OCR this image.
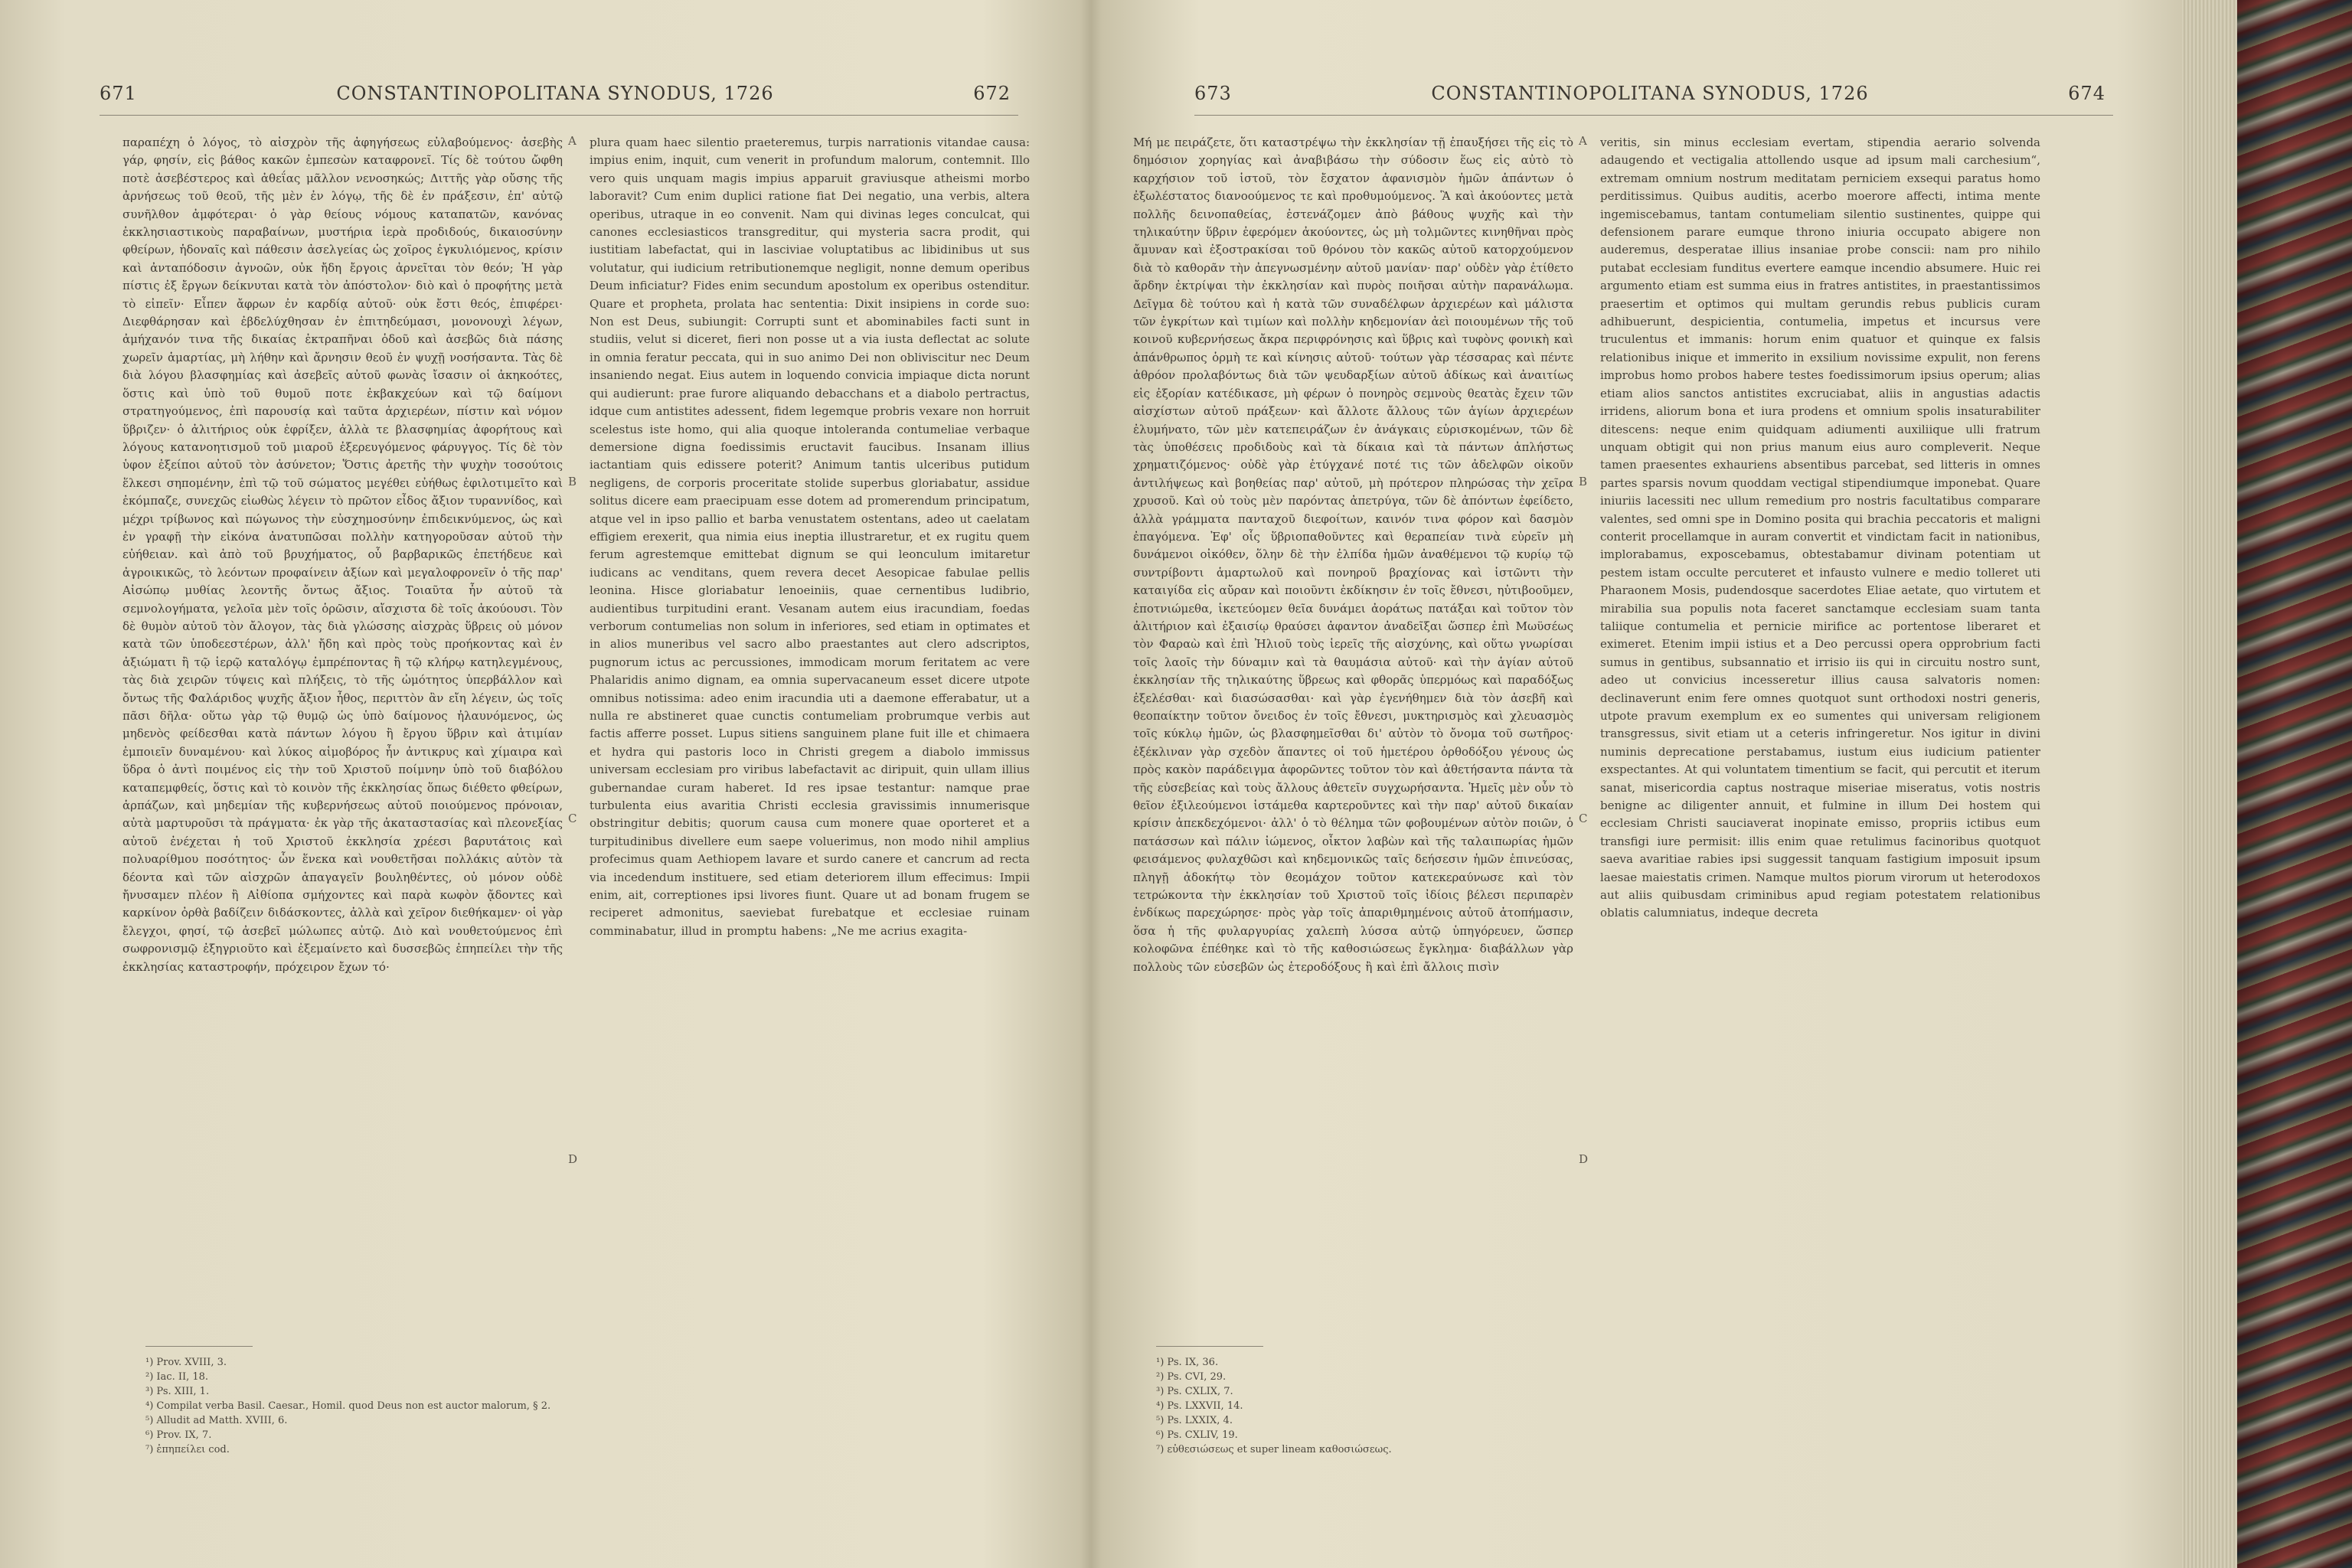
671	CONSTANTINOPOLITANA SYNODUS, 1726	672

παραπέχη ὁ λόγος, τὸ αἰσχρὸν τῆς ἀφηγήσεως εὐλαβούμενος· ἀσεβὴς γάρ, φησίν, εἰς βάθος κακῶν ἐμπεσὼν καταφρονεῖ. Τίς δὲ τούτου ὤφθη ποτὲ ἀσεβέστερος καὶ ἀθεΐας μᾶλλον νενοσηκώς; Διττῆς γὰρ οὔσης τῆς ἀρνήσεως τοῦ θεοῦ, τῆς μὲν ἐν λόγῳ, τῆς δὲ ἐν πράξεσιν, ἐπ' αὐτῷ συνῆλθον ἀμφότεραι· ὁ γὰρ θείους νόμους καταπατῶν, κανόνας ἐκκλησιαστικοὺς παραβαίνων, μυστήρια ἱερὰ προδιδούς, δικαιοσύνην φθείρων, ἡδοναῖς καὶ πάθεσιν ἀσελγείας ὡς χοῖρος ἐγκυλιόμενος, κρίσιν καὶ ἀνταπόδοσιν ἀγνοῶν, οὐκ ἤδη ἔργοις ἀρνεῖται τὸν θεόν; Ἡ γὰρ πίστις ἐξ ἔργων δείκνυται κατὰ τὸν ἀπόστολον· διὸ καὶ ὁ προφήτης μετὰ τὸ εἰπεῖν· Εἶπεν ἄφρων ἐν καρδίᾳ αὐτοῦ· οὐκ ἔστι θεός, ἐπιφέρει· Διεφθάρησαν καὶ ἐβδελύχθησαν ἐν ἐπιτηδεύμασι, μονονουχὶ λέγων, ἀμήχανόν τινα τῆς δικαίας ἐκτραπῆναι ὁδοῦ καὶ ἀσεβῶς διὰ πάσης χωρεῖν ἁμαρτίας, μὴ λήθην καὶ ἄρνησιν θεοῦ ἐν ψυχῇ νοσήσαντα. Τὰς δὲ διὰ λόγου βλασφημίας καὶ ἀσεβεῖς αὐτοῦ φωνὰς ἴσασιν οἱ ἀκηκοότες, ὅστις καὶ ὑπὸ τοῦ θυμοῦ ποτε ἐκβακχεύων καὶ τῷ δαίμονι στρατηγούμενος, ἐπὶ παρουσίᾳ καὶ ταῦτα ἀρχιερέων, πίστιν καὶ νόμον ὕβριζεν· ὁ ἀλιτήριος οὐκ ἐφρίξεν, ἀλλὰ τε βλασφημίας ἀφορήτους καὶ λόγους κατανοητισμοῦ τοῦ μιαροῦ ἐξερευγόμενος φάρυγγος. Τίς δὲ τὸν ὑφον ἐξείποι αὐτοῦ τὸν ἀσύνετον; Ὅστις ἀρετῆς τὴν ψυχὴν τοσούτοις ἕλκεσι σηπομένην, ἐπὶ τῷ τοῦ σώματος μεγέθει εὐήθως ἐφιλοτιμεῖτο καὶ ἐκόμπαζε, συνεχῶς εἰωθὼς λέγειν τὸ πρῶτον εἶδος ἄξιον τυραννίδος, καὶ μέχρι τρίβωνος καὶ πώγωνος τὴν εὐσχημοσύνην ἐπιδεικνύμενος, ὡς καὶ ἐν γραφῇ τὴν εἰκόνα ἀνατυπῶσαι πολλὴν κατηγοροῦσαν αὐτοῦ τὴν εὐήθειαν. καὶ ἀπὸ τοῦ βρυχήματος, οὗ βαρβαρικῶς ἐπετήδευε καὶ ἀγροικικῶς, τὸ λεόντων προφαίνειν ἀξίων καὶ μεγαλοφρονεῖν ὁ τῆς παρ' Αἰσώπῳ μυθίας λεοντῆς ὄντως ἄξιος. Τοιαῦτα ἦν αὐτοῦ τὰ σεμνολογήματα, γελοῖα μὲν τοῖς ὁρῶσιν, αἴσχιστα δὲ τοῖς ἀκούουσι. Τὸν δὲ θυμὸν αὐτοῦ τὸν ἄλογον, τὰς διὰ γλώσσης αἰσχρὰς ὕβρεις οὐ μόνον κατὰ τῶν ὑποδεεστέρων, ἀλλ' ἤδη καὶ πρὸς τοὺς προήκοντας καὶ ἐν ἀξιώματι ἢ τῷ ἱερῷ καταλόγῳ ἐμπρέποντας ἢ τῷ κλήρῳ κατηλεγμένους, τὰς διὰ χειρῶν τύψεις καὶ πλήξεις, τὸ τῆς ὠμότητος ὑπερβάλλον καὶ ὄντως τῆς Φαλάριδος ψυχῆς ἄξιον ἦθος, περιττὸν ἂν εἴη λέγειν, ὡς τοῖς πᾶσι δῆλα· οὕτω γὰρ τῷ θυμῷ ὡς ὑπὸ δαίμονος ἠλαυνόμενος, ὡς μηδενὸς φείδεσθαι κατὰ πάντων λόγου ἢ ἔργου ὕβριν καὶ ἀτιμίαν ἐμποιεῖν δυναμένου· καὶ λύκος αἱμοβόρος ἦν ἀντικρυς καὶ χίμαιρα καὶ ὕδρα ὁ ἀντὶ ποιμένος εἰς τὴν τοῦ Χριστοῦ ποίμνην ὑπὸ τοῦ διαβόλου καταπεμφθείς, ὅστις καὶ τὸ κοινὸν τῆς ἐκκλησίας ὅπως διέθετο φθείρων, ἁρπάζων, καὶ μηδεμίαν τῆς κυβερνήσεως αὐτοῦ ποιούμενος πρόνοιαν, αὐτὰ μαρτυροῦσι τὰ πράγματα· ἐκ γὰρ τῆς ἀκαταστασίας καὶ πλεονεξίας αὐτοῦ ἐνέχεται ἡ τοῦ Χριστοῦ ἐκκλησία χρέεσι βαρυτάτοις καὶ πολυαρίθμου ποσότητος· ὧν ἕνεκα καὶ νουθετῆσαι πολλάκις αὐτὸν τὰ δέοντα καὶ τῶν αἰσχρῶν ἀπαγαγεῖν βουληθέντες, οὐ μόνον οὐδὲ ἤνυσαμεν πλέον ἢ Αἰθίοπα σμήχοντες καὶ παρὰ κωφὸν ᾄδοντες καὶ καρκίνον ὀρθὰ βαδίζειν διδάσκοντες, ἀλλὰ καὶ χεῖρον διεθήκαμεν· οἱ γὰρ ἔλεγχοι, φησί, τῷ ἀσεβεῖ μώλωπες αὐτῷ. Διὸ καὶ νουθετούμενος ἐπὶ σωφρονισμῷ ἐξηγριοῦτο καὶ ἐξεμαίνετο καὶ δυσσεβῶς ἐπηπείλει τὴν τῆς ἐκκλησίας καταστροφήν, πρόχειρον ἔχων τό·

A
B
C
D

plura quam haec silentio praeteremus, turpis narrationis vitandae causa: impius enim, inquit, cum venerit in profundum malorum, contemnit. Illo vero quis unquam magis impius apparuit graviusque atheismi morbo laboravit? Cum enim duplici ratione fiat Dei negatio, una verbis, altera operibus, utraque in eo convenit. Nam qui divinas leges conculcat, qui canones ecclesiasticos transgreditur, qui mysteria sacra prodit, qui iustitiam labefactat, qui in lasciviae voluptatibus ac libidinibus ut sus volutatur, qui iudicium retributionemque negligit, nonne demum operibus Deum inficiatur? Fides enim secundum apostolum ex operibus ostenditur. Quare et propheta, prolata hac sententia: Dixit insipiens in corde suo: Non est Deus, subiungit: Corrupti sunt et abominabiles facti sunt in studiis, velut si diceret, fieri non posse ut a via iusta deflectat ac solute in omnia feratur peccata, qui in suo animo Dei non obliviscitur nec Deum insaniendo negat. Eius autem in loquendo convicia impiaque dicta norunt qui audierunt: prae furore aliquando debacchans et a diabolo pertractus, idque cum antistites adessent, fidem legemque probris vexare non horruit scelestus iste homo, qui alia quoque intoleranda contumeliae verbaque demersione digna foedissimis eructavit faucibus. Insanam illius iactantiam quis edissere poterit? Animum tantis ulceribus putidum negligens, de corporis proceritate stolide superbus gloriabatur, assidue solitus dicere eam praecipuam esse dotem ad promerendum principatum, atque vel in ipso pallio et barba venustatem ostentans, adeo ut caelatam effigiem erexerit, qua nimia eius ineptia illustraretur, et ex rugitu quem ferum agrestemque emittebat dignum se qui leonculum imitaretur iudicans ac venditans, quem revera decet Aesopicae fabulae pellis leonina. Hisce gloriabatur lenoeiniis, quae cernentibus ludibrio, audientibus turpitudini erant. Vesanam autem eius iracundiam, foedas verborum contumelias non solum in inferiores, sed etiam in optimates et in alios muneribus vel sacro albo praestantes aut clero adscriptos, pugnorum ictus ac percussiones, immodicam morum feritatem ac vere Phalaridis animo dignam, ea omnia supervacaneum esset dicere utpote omnibus notissima: adeo enim iracundia uti a daemone efferabatur, ut a nulla re abstineret quae cunctis contumeliam probrumque verbis aut factis afferre posset. Lupus sitiens sanguinem plane fuit ille et chimaera et hydra qui pastoris loco in Christi gregem a diabolo immissus universam ecclesiam pro viribus labefactavit ac diripuit, quin ullam illius gubernandae curam haberet. Id res ipsae testantur: namque prae turbulenta eius avaritia Christi ecclesia gravissimis innumerisque obstringitur debitis; quorum causa cum monere quae oporteret et a turpitudinibus divellere eum saepe voluerimus, non modo nihil amplius profecimus quam Aethiopem lavare et surdo canere et cancrum ad recta via incedendum instituere, sed etiam deteriorem illum effecimus: Impii enim, ait, correptiones ipsi livores fiunt. Quare ut ad bonam frugem se reciperet admonitus, saeviebat furebatque et ecclesiae ruinam comminabatur, illud in promptu habens: „Ne me acrius exagita-

¹) Prov. XVIII, 3.

²) Iac. II, 18.

³) Ps. XIII, 1.

⁴) Compilat verba Basil. Caesar., Homil. quod Deus non est auctor malorum, § 2.

⁵) Alludit ad Matth. XVIII, 6.

⁶) Prov. IX, 7.

⁷) ἐπηπείλει cod.

673	CONSTANTINOPOLITANA SYNODUS, 1726	674

Μή με πειράζετε, ὅτι καταστρέψω τὴν ἐκκλησίαν τῇ ἐπαυξήσει τῆς εἰς τὸ δημόσιον χορηγίας καὶ ἀναβιβάσω τὴν σύδοσιν ἕως εἰς αὐτὸ τὸ καρχήσιον τοῦ ἱστοῦ, τὸν ἔσχατον ἀφανισμὸν ἡμῶν ἁπάντων ὁ ἐξωλέστατος διανοούμενος τε καὶ προθυμούμενος. Ἃ καὶ ἀκούοντες μετὰ πολλῆς δεινοπαθείας, ἐστενάζομεν ἀπὸ βάθους ψυχῆς καὶ τὴν τηλικαύτην ὕβριν ἐφερόμεν ἀκούοντες, ὡς μὴ τολμῶντες κινηθῆναι πρὸς ἄμυναν καὶ ἐξοστρακίσαι τοῦ θρόνου τὸν κακῶς αὐτοῦ κατορχούμενον διὰ τὸ καθορᾶν τὴν ἀπεγνωσμένην αὐτοῦ μανίαν· παρ' οὐδὲν γὰρ ἐτίθετο ἄρδην ἐκτρίψαι τὴν ἐκκλησίαν καὶ πυρὸς ποιῆσαι αὐτὴν παρανάλωμα. Δεῖγμα δὲ τούτου καὶ ἡ κατὰ τῶν συναδέλφων ἀρχιερέων καὶ μάλιστα τῶν ἐγκρίτων καὶ τιμίων καὶ πολλὴν κηδεμονίαν ἀεὶ ποιουμένων τῆς τοῦ κοινοῦ κυβερνήσεως ἄκρα περιφρόνησις καὶ ὕβρις καὶ τυφὸνς φονικὴ καὶ ἀπάνθρωπος ὁρμὴ τε καὶ κίνησις αὐτοῦ· τούτων γὰρ τέσσαρας καὶ πέντε ἀθρόον προλαβόντως διὰ τῶν ψευδαρξίων αὐτοῦ ἀδίκως καὶ ἀναιτίως εἰς ἐξορίαν κατέδικασε, μὴ φέρων ὁ πονηρὸς σεμνοὺς θεατὰς ἔχειν τῶν αἰσχίστων αὐτοῦ πράξεων· καὶ ἄλλοτε ἄλλους τῶν ἁγίων ἀρχιερέων ἐλυμήνατο, τῶν μὲν κατεπειράζων ἐν ἀνάγκαις εὑρισκομένων, τῶν δὲ τὰς ὑποθέσεις προδιδοὺς καὶ τὰ δίκαια καὶ τὰ πάντων ἀπλήστως χρηματιζόμενος· οὐδὲ γὰρ ἐτύγχανέ ποτέ τις τῶν ἀδελφῶν οἰκοῦν ἀντιλήψεως καὶ βοηθείας παρ' αὐτοῦ, μὴ πρότερον πληρώσας τὴν χεῖρα χρυσοῦ. Καὶ οὐ τοὺς μὲν παρόντας ἀπετρύγα, τῶν δὲ ἀπόντων ἐφείδετο, ἀλλὰ γράμματα πανταχοῦ διεφοίτων, καινόν τινα φόρον καὶ δασμὸν ἐπαγόμενα. Ἐφ' οἷς ὕβριοπαθοῦντες καὶ θεραπείαν τινὰ εὑρεῖν μὴ δυνάμενοι οἰκόθεν, ὅλην δὲ τὴν ἐλπίδα ἡμῶν ἀναθέμενοι τῷ κυρίῳ τῷ συντρίβοντι ἁμαρτωλοῦ καὶ πονηροῦ βραχίονας καὶ ἱστῶντι τὴν καταιγίδα εἰς αὔραν καὶ ποιοῦντι ἐκδίκησιν ἐν τοῖς ἔθνεσι, ηὐτιβοοῦμεν, ἐποτνιώμεθα, ἱκετεύομεν θεῖα δυνάμει ἀοράτως πατάξαι καὶ τοῦτον τὸν ἀλιτήριον καὶ ἐξαισίῳ θραύσει ἀφαντον ἀναδεῖξαι ὥσπερ ἐπὶ Μωϋσέως τὸν Φαραὼ καὶ ἐπὶ Ἠλιοῦ τοὺς ἱερεῖς τῆς αἰσχύνης, καὶ οὕτω γνωρίσαι τοῖς λαοῖς τὴν δύναμιν καὶ τὰ θαυμάσια αὐτοῦ· καὶ τὴν ἁγίαν αὐτοῦ ἐκκλησίαν τῆς τηλικαύτης ὕβρεως καὶ φθορᾶς ὑπερμόως καὶ παραδόξως ἐξελέσθαι· καὶ διασώσασθαι· καὶ γὰρ ἐγενήθημεν διὰ τὸν ἀσεβῆ καὶ θεοπαίκτην τοῦτον ὄνειδος ἐν τοῖς ἔθνεσι, μυκτηρισμὸς καὶ χλευασμὸς τοῖς κύκλῳ ἡμῶν, ὡς βλασφημεῖσθαι δι' αὐτὸν τὸ ὄνομα τοῦ σωτῆρος· ἐξέκλιναν γὰρ σχεδὸν ἅπαντες οἱ τοῦ ἡμετέρου ὀρθοδόξου γένους ὡς πρὸς κακὸν παράδειγμα ἀφορῶντες τοῦτον τὸν καὶ ἀθετήσαντα πάντα τὰ τῆς εὐσεβείας καὶ τοὺς ἄλλους ἀθετεῖν συγχωρήσαντα. Ἡμεῖς μὲν οὖν τὸ θεῖον ἐξιλεούμενοι ἱστάμεθα καρτεροῦντες καὶ τὴν παρ' αὐτοῦ δικαίαν κρίσιν ἀπεκδεχόμενοι· ἀλλ' ὁ τὸ θέλημα τῶν φοβουμένων αὐτὸν ποιῶν, ὁ πατάσσων καὶ πάλιν ἰώμενος, οἶκτον λαβὼν καὶ τῆς ταλαιπωρίας ἡμῶν φεισάμενος φυλαχθῶσι καὶ κηδεμονικῶς ταῖς δεήσεσιν ἡμῶν ἐπινεύσας, πληγῇ ἀδοκήτῳ τὸν θεομάχον τοῦτον κατεκεραύνωσε καὶ τὸν τετρώκοντα τὴν ἐκκλησίαν τοῦ Χριστοῦ τοῖς ἰδίοις βέλεσι περιπαρὲν ἐνδίκως παρεχώρησε· πρὸς γὰρ τοῖς ἀπαριθμημένοις αὐτοῦ ἀτοπήμασιν, ὅσα ἡ τῆς φυλαργυρίας χαλεπὴ λύσσα αὐτῷ ὑπηγόρευεν, ὥσπερ κολοφῶνα ἐπέθηκε καὶ τὸ τῆς καθοσιώσεως ἔγκλημα· διαβάλλων γὰρ πολλοὺς τῶν εὐσεβῶν ὡς ἑτεροδόξους ἢ καὶ ἐπὶ ἄλλοις πισὶν

A
B
C
D

veritis, sin minus ecclesiam evertam, stipendia aerario solvenda adaugendo et vectigalia attollendo usque ad ipsum mali carchesium“, extremam omnium nostrum meditatam perniciem exsequi paratus homo perditissimus. Quibus auditis, acerbo moerore affecti, intima mente ingemiscebamus, tantam contumeliam silentio sustinentes, quippe qui defensionem parare eumque throno iniuria occupato abigere non auderemus, desperatae illius insaniae probe conscii: nam pro nihilo putabat ecclesiam funditus evertere eamque incendio absumere. Huic rei argumento etiam est summa eius in fratres antistites, in praestantissimos praesertim et optimos qui multam gerundis rebus publicis curam adhibuerunt, despicientia, contumelia, impetus et incursus vere truculentus et immanis: horum enim quatuor et quinque ex falsis relationibus inique et immerito in exsilium novissime expulit, non ferens improbus homo probos habere testes foedissimorum ipsius operum; alias etiam alios sanctos antistites excruciabat, aliis in angustias adactis irridens, aliorum bona et iura prodens et omnium spolis insaturabiliter ditescens: neque enim quidquam adiumenti auxiliique ulli fratrum unquam obtigit qui non prius manum eius auro compleverit. Neque tamen praesentes exhauriens absentibus parcebat, sed litteris in omnes partes sparsis novum quoddam vectigal stipendiumque imponebat. Quare iniuriis lacessiti nec ullum remedium pro nostris facultatibus comparare valentes, sed omni spe in Domino posita qui brachia peccatoris et maligni conterit procellamque in auram convertit et vindictam facit in nationibus, implorabamus, exposcebamus, obtestabamur divinam potentiam ut pestem istam occulte percuteret et infausto vulnere e medio tolleret uti Pharaonem Mosis, pudendosque sacerdotes Eliae aetate, quo virtutem et mirabilia sua populis nota faceret sanctamque ecclesiam suam tanta taliique contumelia et pernicie mirifice ac portentose liberaret et eximeret. Etenim impii istius et a Deo percussi opera opprobrium facti sumus in gentibus, subsannatio et irrisio iis qui in circuitu nostro sunt, adeo ut convicius incesseretur illius causa salvatoris nomen: declinaverunt enim fere omnes quotquot sunt orthodoxi nostri generis, utpote pravum exemplum ex eo sumentes qui universam religionem transgressus, sivit etiam ut a ceteris infringeretur. Nos igitur in divini numinis deprecatione perstabamus, iustum eius iudicium patienter exspectantes. At qui voluntatem timentium se facit, qui percutit et iterum sanat, misericordia captus nostraque miseriae miseratus, votis nostris benigne ac diligenter annuit, et fulmine in illum Dei hostem qui ecclesiam Christi sauciaverat inopinate emisso, propriis ictibus eum transfigi iure permisit: illis enim quae retulimus facinoribus quotquot saeva avaritiae rabies ipsi suggessit tanquam fastigium imposuit ipsum laesae maiestatis crimen. Namque multos piorum virorum ut heterodoxos aut aliis quibusdam criminibus apud regiam potestatem relationibus oblatis calumniatus, indeque decreta

¹) Ps. IX, 36.

²) Ps. CVI, 29.

³) Ps. CXLIX, 7.

⁴) Ps. LXXVII, 14.

⁵) Ps. LXXIX, 4.

⁶) Ps. CXLIV, 19.

⁷) εὐθεσιώσεως et super lineam καθοσιώσεως.
